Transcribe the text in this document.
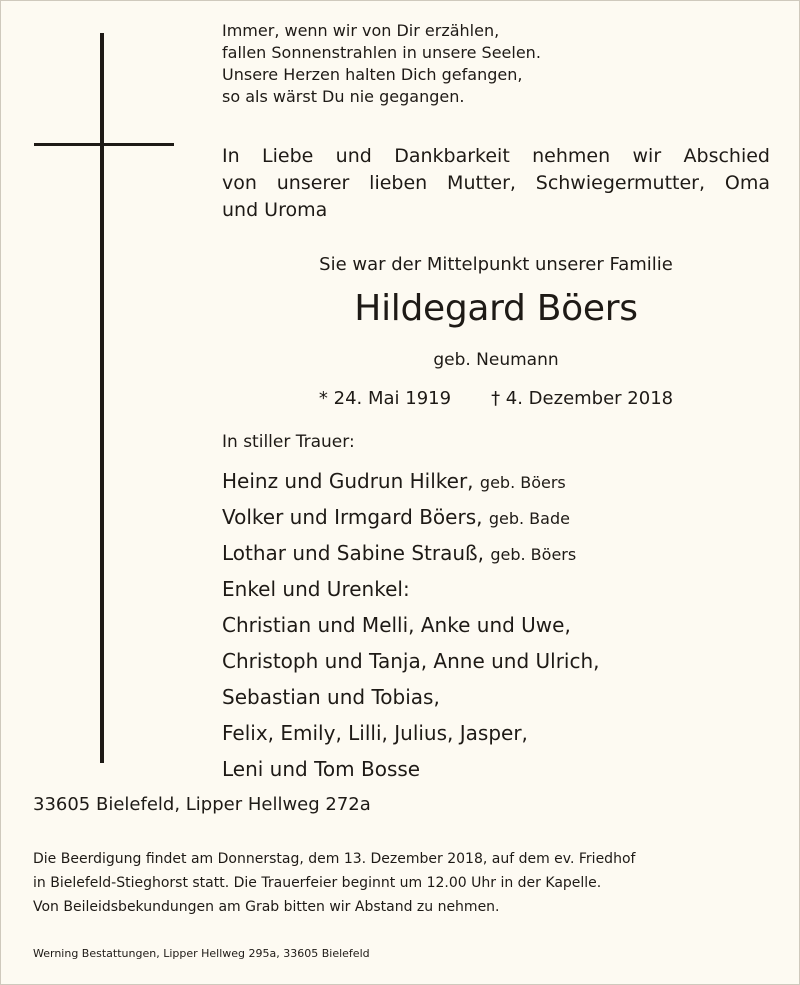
Immer, wenn wir von Dir erzählen,
fallen Sonnenstrahlen in unsere Seelen.
Unsere Herzen halten Dich gefangen,
so als wärst Du nie gegangen.
In Liebe und Dankbarkeit nehmen wir Abschied
von unserer lieben Mutter, Schwiegermutter, Oma
und Uroma
Sie war der Mittelpunkt unserer Familie
Hildegard Böers
geb. Neumann
* 24. Mai 1919 † 4. Dezember 2018
In stiller Trauer:
Heinz und Gudrun Hilker, geb. Böers
Volker und Irmgard Böers, geb. Bade
Lothar und Sabine Strauß, geb. Böers
Enkel und Urenkel:
Christian und Melli, Anke und Uwe,
Christoph und Tanja, Anne und Ulrich,
Sebastian und Tobias,
Felix, Emily, Lilli, Julius, Jasper,
Leni und Tom Bosse
33605 Bielefeld, Lipper Hellweg 272a
Die Beerdigung findet am Donnerstag, dem 13. Dezember 2018, auf dem ev. Friedhof
in Bielefeld-Stieghorst statt. Die Trauerfeier beginnt um 12.00 Uhr in der Kapelle.
Von Beileidsbekundungen am Grab bitten wir Abstand zu nehmen.
Werning Bestattungen, Lipper Hellweg 295a, 33605 Bielefeld
